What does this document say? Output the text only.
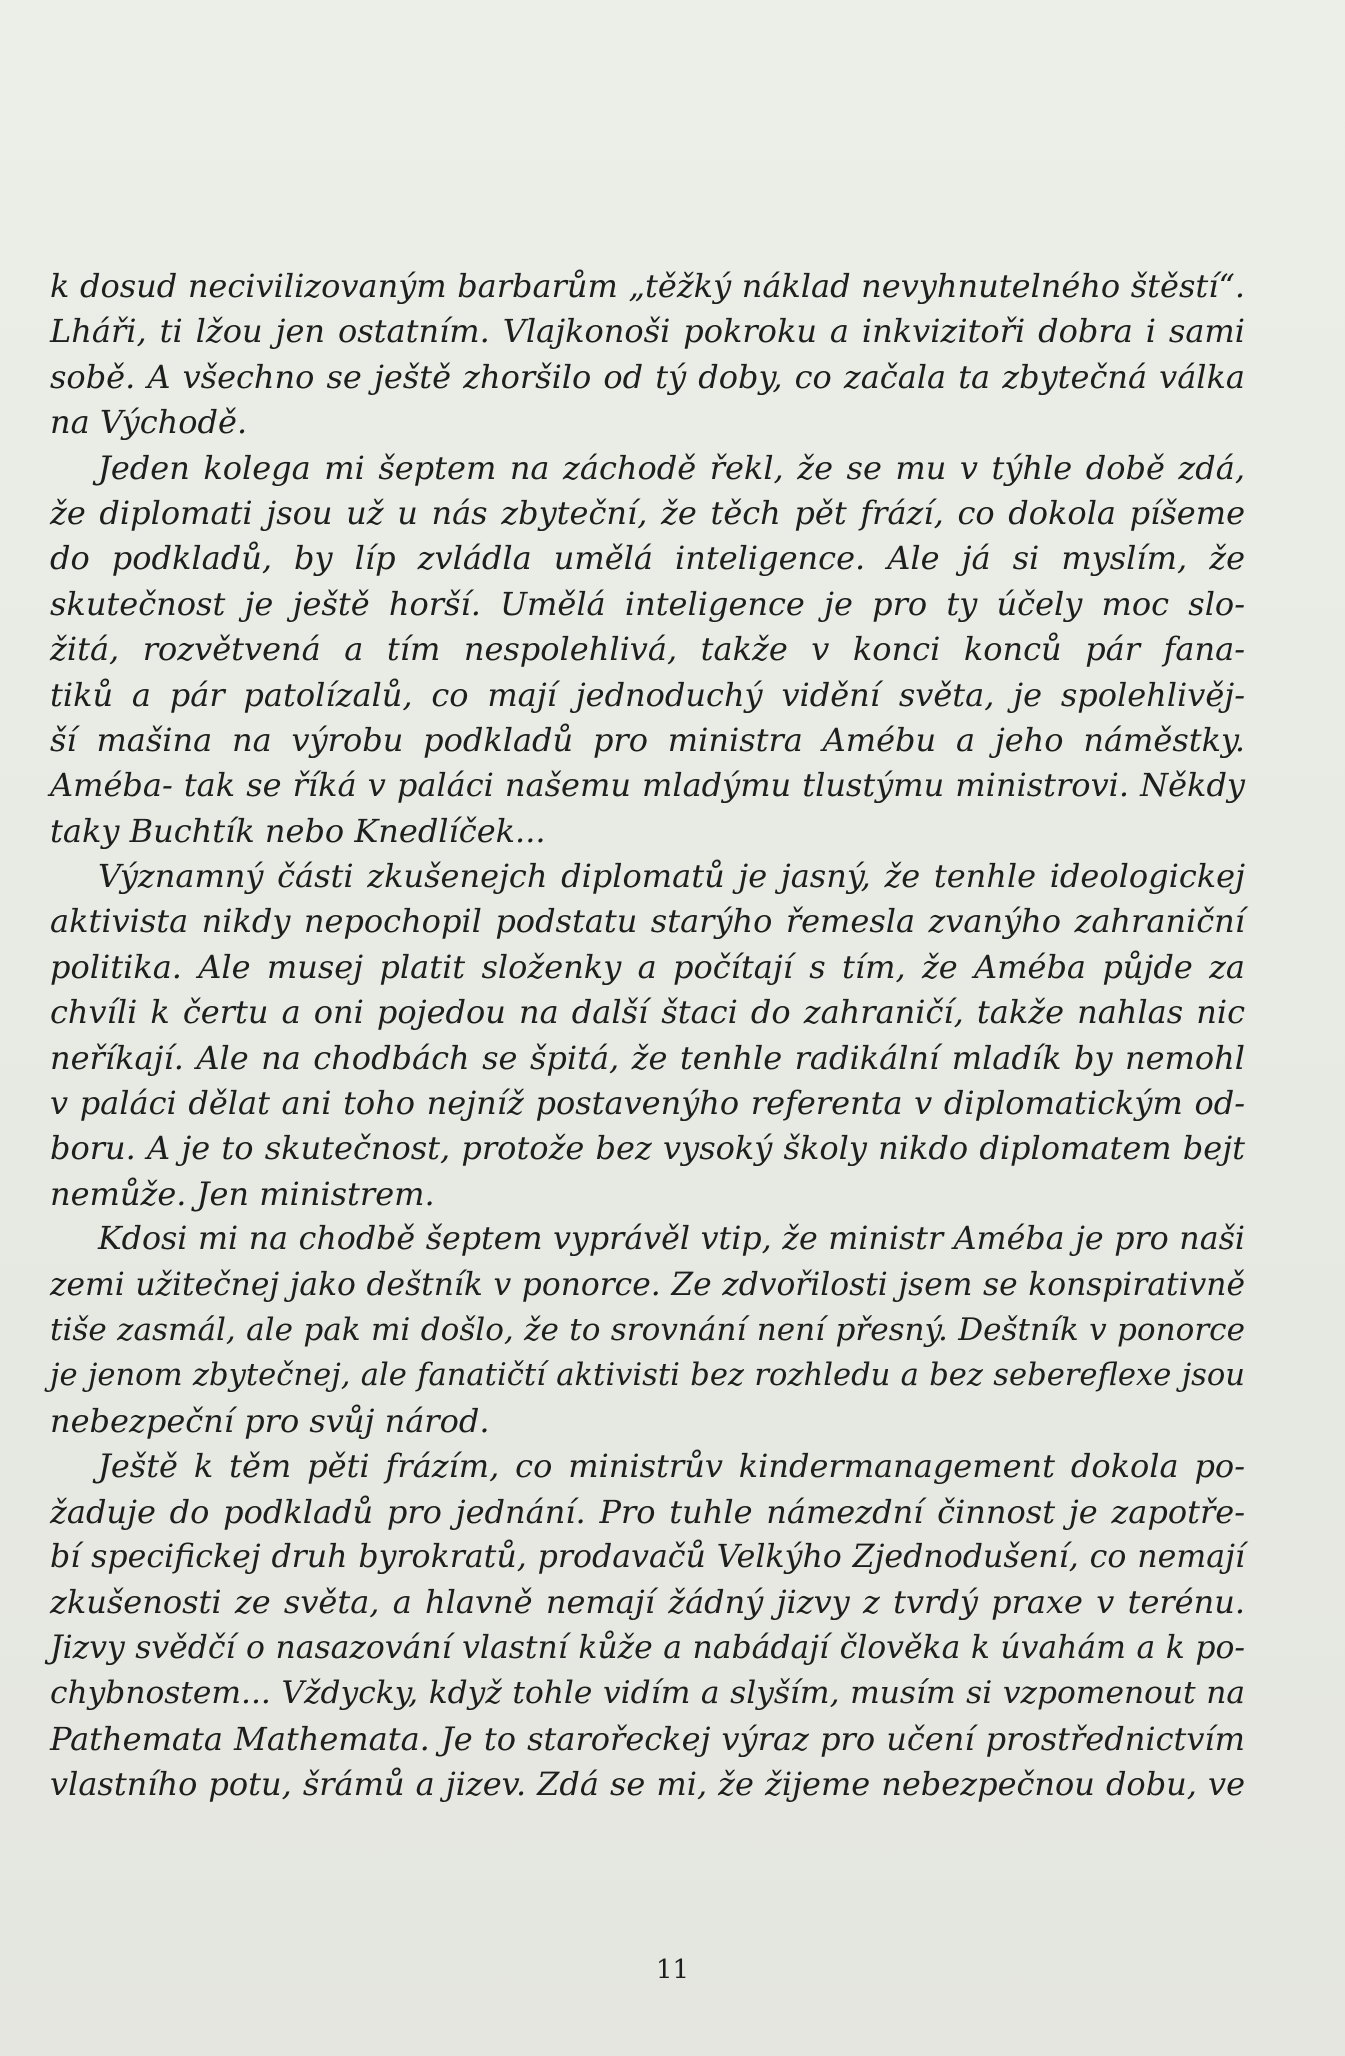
k dosud necivilizovaným barbarům „těžký náklad nevyhnutelného štěstí“.
Lháři, ti lžou jen ostatním. Vlajkonoši pokroku a inkvizitoři dobra i sami
sobě. A všechno se ještě zhoršilo od tý doby, co začala ta zbytečná válka
na Východě.
Jeden kolega mi šeptem na záchodě řekl, že se mu v týhle době zdá,
že diplomati jsou už u nás zbyteční, že těch pět frází, co dokola píšeme
do podkladů, by líp zvládla umělá inteligence. Ale já si myslím, že
skutečnost je ještě horší. Umělá inteligence je pro ty účely moc slo-
žitá, rozvětvená a tím nespolehlivá, takže v konci konců pár fana-
tiků a pár patolízalů, co mají jednoduchý vidění světa, je spolehlivěj-
ší mašina na výrobu podkladů pro ministra Amébu a jeho náměstky.
Améba- tak se říká v paláci našemu mladýmu tlustýmu ministrovi. Někdy
taky Buchtík nebo Knedlíček...
Významný části zkušenejch diplomatů je jasný, že tenhle ideologickej
aktivista nikdy nepochopil podstatu starýho řemesla zvanýho zahraniční
politika. Ale musej platit složenky a počítají s tím, že Améba půjde za
chvíli k čertu a oni pojedou na další štaci do zahraničí, takže nahlas nic
neříkají. Ale na chodbách se špitá, že tenhle radikální mladík by nemohl
v paláci dělat ani toho nejníž postavenýho referenta v diplomatickým od-
boru. A je to skutečnost, protože bez vysoký školy nikdo diplomatem bejt
nemůže. Jen ministrem.
Kdosi mi na chodbě šeptem vyprávěl vtip, že ministr Améba je pro naši
zemi užitečnej jako deštník v ponorce. Ze zdvořilosti jsem se konspirativně
tiše zasmál, ale pak mi došlo, že to srovnání není přesný. Deštník v ponorce
je jenom zbytečnej, ale fanatičtí aktivisti bez rozhledu a bez sebereflexe jsou
nebezpeční pro svůj národ.
Ještě k těm pěti frázím, co ministrův kindermanagement dokola po-
žaduje do podkladů pro jednání. Pro tuhle námezdní činnost je zapotře-
bí specifickej druh byrokratů, prodavačů Velkýho Zjednodušení, co nemají
zkušenosti ze světa, a hlavně nemají žádný jizvy z tvrdý praxe v terénu.
Jizvy svědčí o nasazování vlastní kůže a nabádají člověka k úvahám a k po-
chybnostem... Vždycky, když tohle vidím a slyším, musím si vzpomenout na
Pathemata Mathemata. Je to starořeckej výraz pro učení prostřednictvím
vlastního potu, šrámů a jizev. Zdá se mi, že žijeme nebezpečnou dobu, ve
11
